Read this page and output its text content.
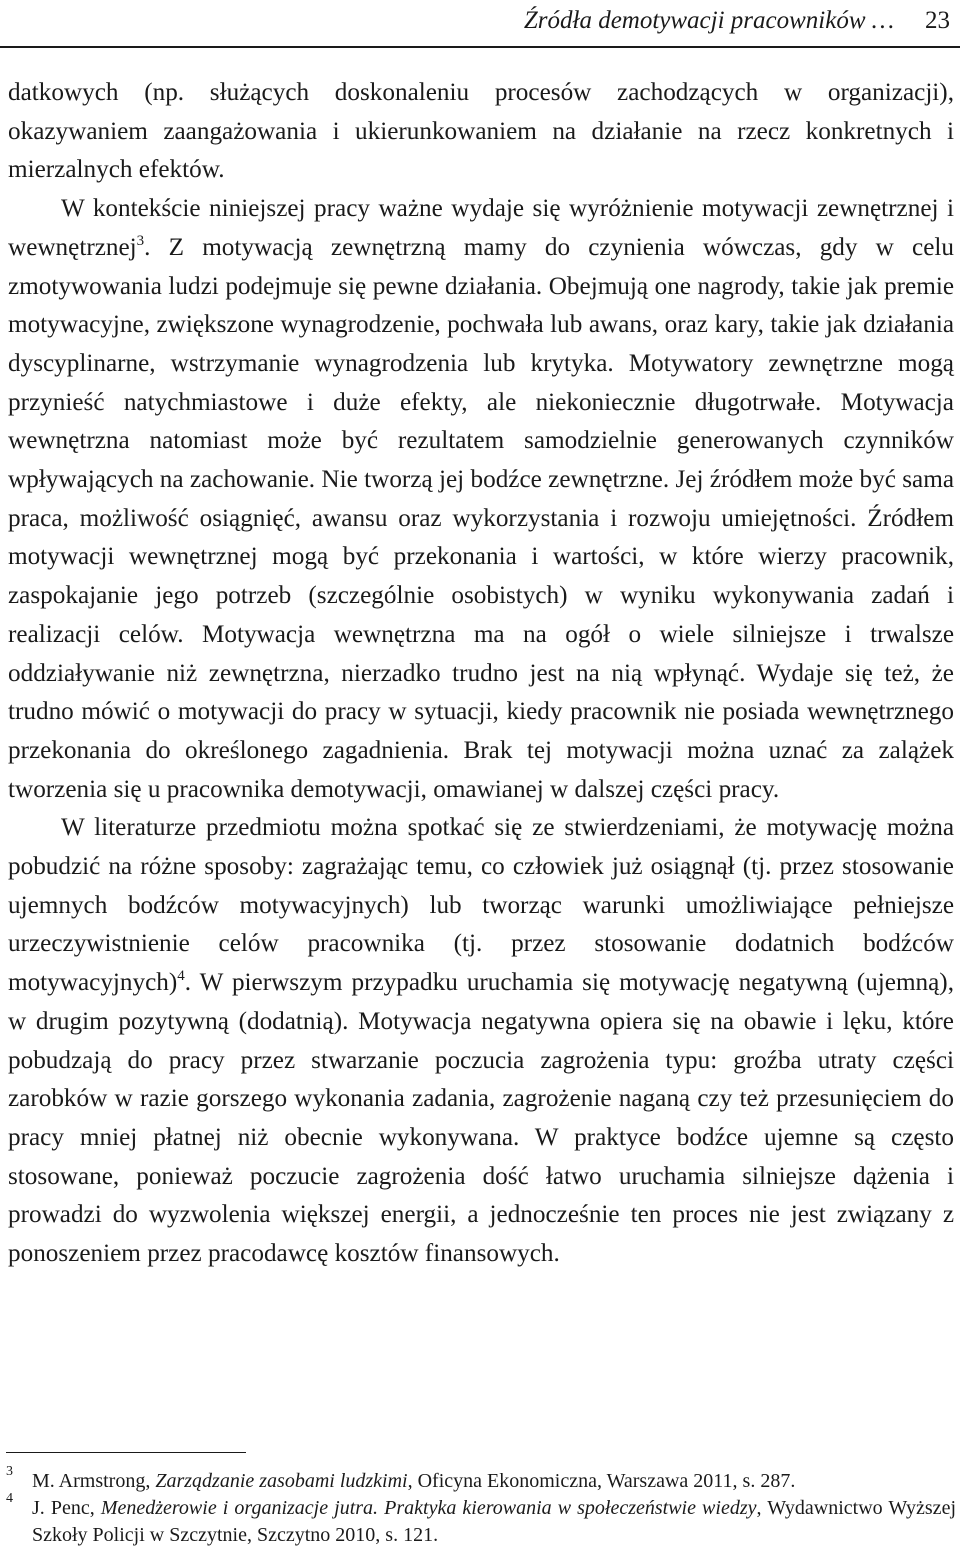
Źródła demotywacji pracowników … 23

datkowych (np. służących doskonaleniu procesów zachodzących w organizacji), okazywaniem zaangażowania i ukierunkowaniem na działanie na rzecz konkretnych i mierzalnych efektów.

W kontekście niniejszej pracy ważne wydaje się wyróżnienie motywacji zewnętrznej i wewnętrznej$^3$. Z motywacją zewnętrzną mamy do czynienia wówczas, gdy w celu zmotywowania ludzi podejmuje się pewne działania. Obejmują one nagrody, takie jak premie motywacyjne, zwiększone wynagrodzenie, pochwała lub awans, oraz kary, takie jak działania dyscyplinarne, wstrzymanie wynagrodzenia lub krytyka. Motywatory zewnętrzne mogą przynieść natychmiastowe i duże efekty, ale niekoniecznie długotrwałe. Motywacja wewnętrzna natomiast może być rezultatem samodzielnie generowanych czynników wpływających na zachowanie. Nie tworzą jej bodźce zewnętrzne. Jej źródłem może być sama praca, możliwość osiągnięć, awansu oraz wykorzystania i rozwoju umiejętności. Źródłem motywacji wewnętrznej mogą być przekonania i wartości, w które wierzy pracownik, zaspokajanie jego potrzeb (szczególnie osobistych) w wyniku wykonywania zadań i realizacji celów. Motywacja wewnętrzna ma na ogół o wiele silniejsze i trwalsze oddziaływanie niż zewnętrzna, nierzadko trudno jest na nią wpłynąć. Wydaje się też, że trudno mówić o motywacji do pracy w sytuacji, kiedy pracownik nie posiada wewnętrznego przekonania do określonego zagadnienia. Brak tej motywacji można uznać za zalążek tworzenia się u pracownika demotywacji, omawianej w dalszej części pracy.

W literaturze przedmiotu można spotkać się ze stwierdzeniami, że motywację można pobudzić na różne sposoby: zagrażając temu, co człowiek już osiągnął (tj. przez stosowanie ujemnych bodźców motywacyjnych) lub tworząc warunki umożliwiające pełniejsze urzeczywistnienie celów pracownika (tj. przez stosowanie dodatnich bodźców motywacyjnych)$^4$. W pierwszym przypadku uruchamia się motywację negatywną (ujemną), w drugim pozytywną (dodatnią). Motywacja negatywna opiera się na obawie i lęku, które pobudzają do pracy przez stwarzanie poczucia zagrożenia typu: groźba utraty części zarobków w razie gorszego wykonania zadania, zagrożenie naganą czy też przesunięciem do pracy mniej płatnej niż obecnie wykonywana. W praktyce bodźce ujemne są często stosowane, ponieważ poczucie zagrożenia dość łatwo uruchamia silniejsze dążenia i prowadzi do wyzwolenia większej energii, a jednocześnie ten proces nie jest związany z ponoszeniem przez pracodawcę kosztów finansowych.

3 M. Armstrong, Zarządzanie zasobami ludzkimi, Oficyna Ekonomiczna, Warszawa 2011, s. 287.
4 J. Penc, Menedżerowie i organizacje jutra. Praktyka kierowania w społeczeństwie wiedzy, Wydawnictwo Wyższej Szkoły Policji w Szczytnie, Szczytno 2010, s. 121.
